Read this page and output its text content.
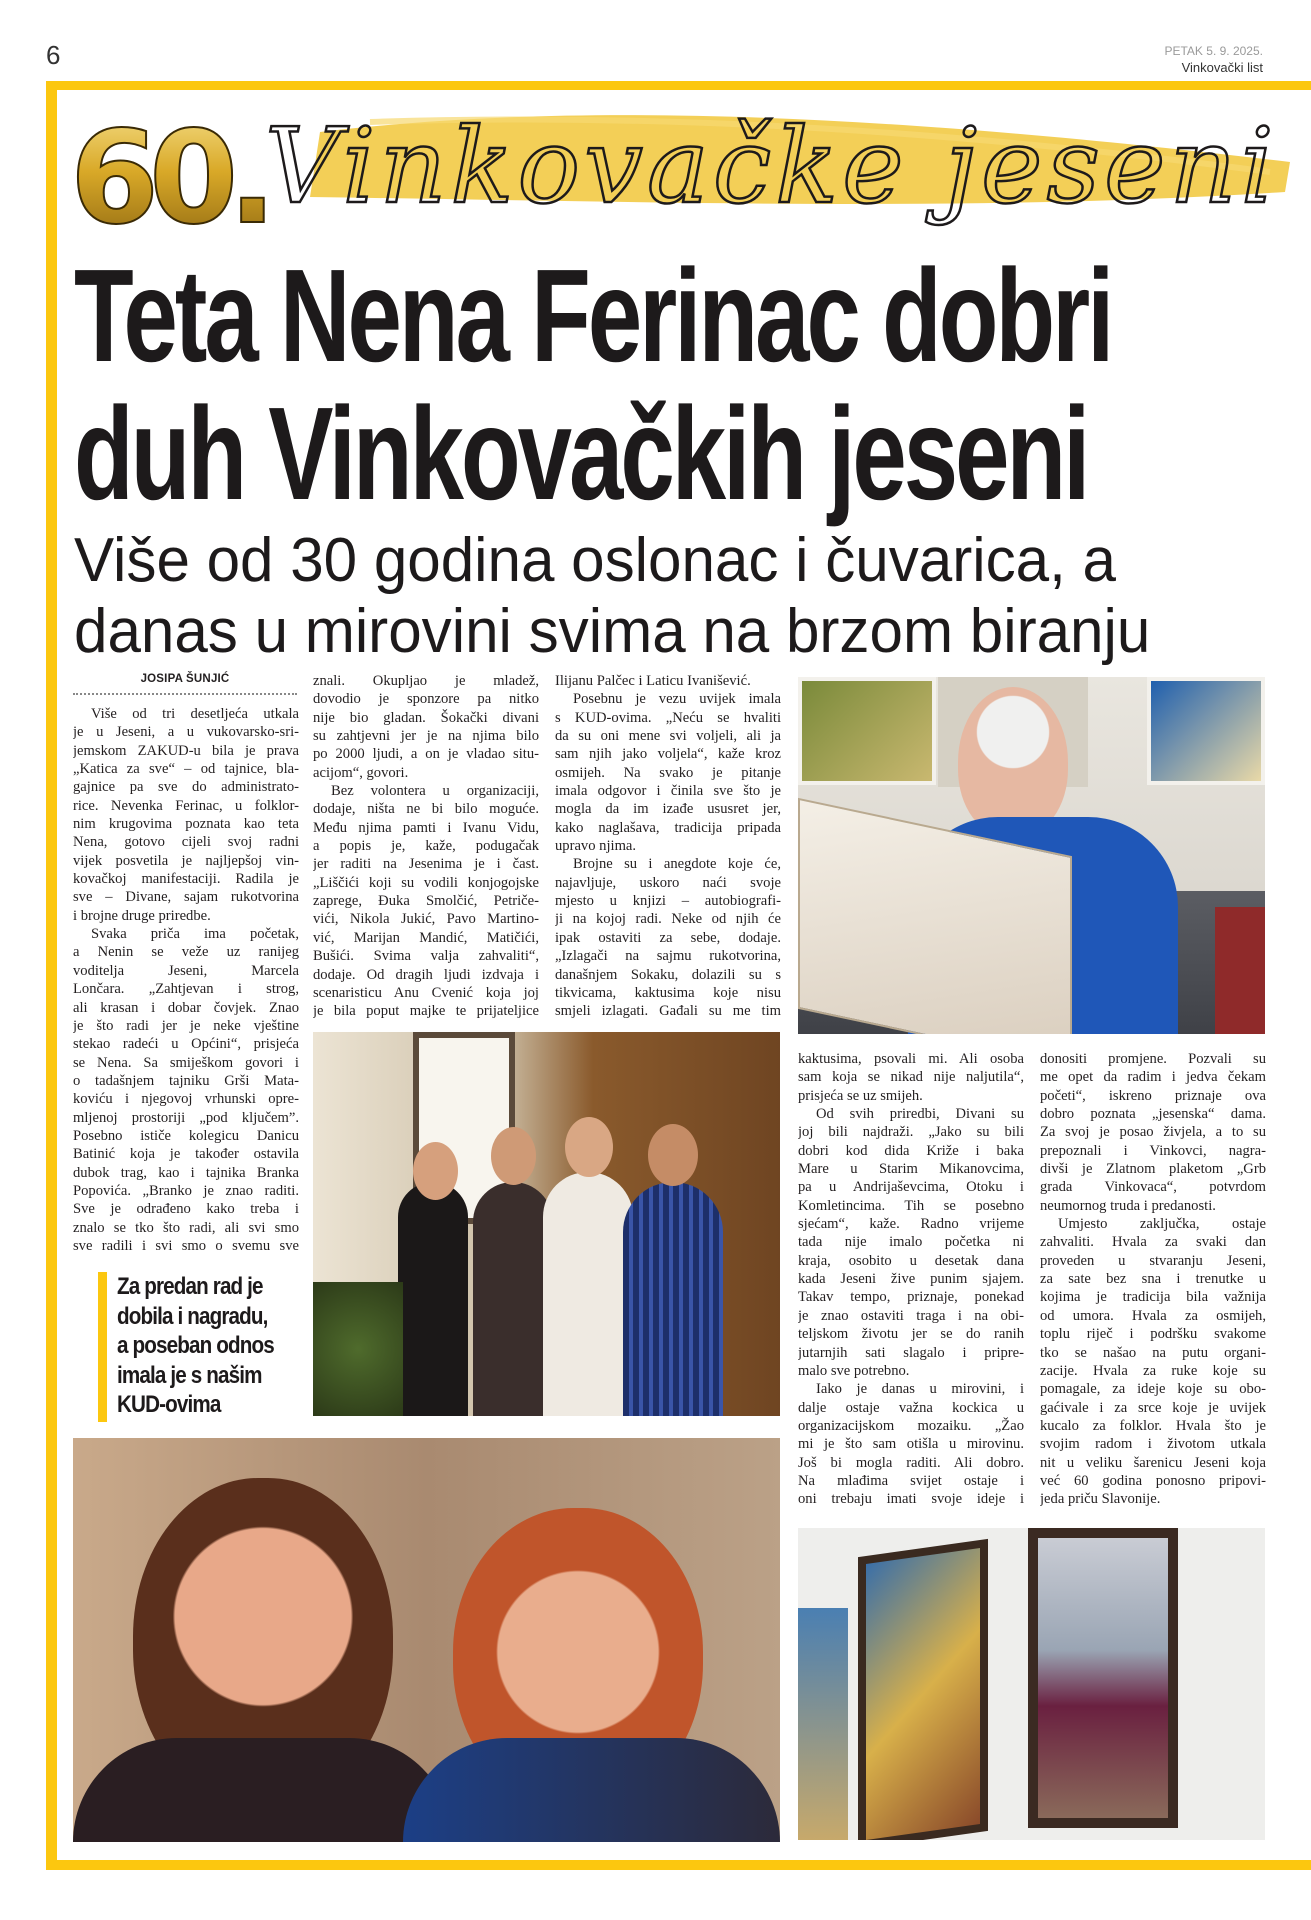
6	PETAK 5. 9. 2025.
Vinkovački list
60.
Vinkovačke jeseni
Teta Nena Ferinac dobri
duh Vinkovačkih jeseni
Više od 30 godina oslonac i čuvarica, a
danas u mirovini svima na brzom biranju
JOSIPA ŠUNJIĆ
Više od tri desetljeća utkala
je u Jeseni, a u vukovarsko-sri-
jemskom ZAKUD-u bila je prava
„Katica za sve“ – od tajnice, bla-
gajnice pa sve do administrato-
rice. Nevenka Ferinac, u folklor-
nim krugovima poznata kao teta
Nena, gotovo cijeli svoj radni
vijek posvetila je najljepšoj vin-
kovačkoj manifestaciji. Radila je
sve – Divane, sajam rukotvorina
i brojne druge priredbe.
Svaka priča ima početak,
a Nenin se veže uz ranijeg
voditelja Jeseni, Marcela
Lončara. „Zahtjevan i strog,
ali krasan i dobar čovjek. Znao
je što radi jer je neke vještine
stekao radeći u Općini“, prisjeća
se Nena. Sa smiješkom govori i
o tadašnjem tajniku Grši Mata-
koviću i njegovoj vrhunski opre-
mljenoj prostoriji „pod ključem”.
Posebno ističe kolegicu Danicu
Batinić koja je također ostavila
dubok trag, kao i tajnika Branka
Popovića. „Branko je znao raditi.
Sve je odrađeno kako treba i
znalo se tko što radi, ali svi smo
sve radili i svi smo o svemu sve
znali. Okupljao je mladež,
dovodio je sponzore pa nitko
nije bio gladan. Šokački divani
su zahtjevni jer je na njima bilo
po 2000 ljudi, a on je vladao situ-
acijom“, govori.
Bez volontera u organizaciji,
dodaje, ništa ne bi bilo moguće.
Među njima pamti i Ivanu Vidu,
a popis je, kaže, podugačak
jer raditi na Jesenima je i čast.
„Liščići koji su vodili konjogojske
zaprege, Đuka Smolčić, Petriče-
vići, Nikola Jukić, Pavo Martino-
vić, Marijan Mandić, Matičići,
Bušići. Svima valja zahvaliti“,
dodaje. Od dragih ljudi izdvaja i
scenaristicu Anu Cvenić koja joj
je bila poput majke te prijateljice
Ilijanu Palčec i Laticu Ivanišević.
Posebnu je vezu uvijek imala
s KUD-ovima. „Neću se hvaliti
da su oni mene svi voljeli, ali ja
sam njih jako voljela“, kaže kroz
osmijeh. Na svako je pitanje
imala odgovor i činila sve što je
mogla da im izađe ususret jer,
kako naglašava, tradicija pripada
upravo njima.
Brojne su i anegdote koje će,
najavljuje, uskoro naći svoje
mjesto u knjizi – autobiografi-
ji na kojoj radi. Neke od njih će
ipak ostaviti za sebe, dodaje.
„Izlagači na sajmu rukotvorina,
današnjem Sokaku, dolazili su s
tikvicama, kaktusima koje nisu
smjeli izlagati. Gađali su me tim
kaktusima, psovali mi. Ali osoba
sam koja se nikad nije naljutila“,
prisjeća se uz smijeh.
Od svih priredbi, Divani su
joj bili najdraži. „Jako su bili
dobri kod dida Križe i baka
Mare u Starim Mikanovcima,
pa u Andrijaševcima, Otoku i
Komletincima. Tih se posebno
sjećam“, kaže. Radno vrijeme
tada nije imalo početka ni
kraja, osobito u desetak dana
kada Jeseni žive punim sjajem.
Takav tempo, priznaje, ponekad
je znao ostaviti traga i na obi-
teljskom životu jer se do ranih
jutarnjih sati slagalo i pripre-
malo sve potrebno.
Iako je danas u mirovini, i
dalje ostaje važna kockica u
organizacijskom mozaiku. „Žao
mi je što sam otišla u mirovinu.
Još bi mogla raditi. Ali dobro.
Na mlađima svijet ostaje i
oni trebaju imati svoje ideje i
donositi promjene. Pozvali su
me opet da radim i jedva čekam
početi“, iskreno priznaje ova
dobro poznata „jesenska“ dama.
Za svoj je posao živjela, a to su
prepoznali i Vinkovci, nagra-
divši je Zlatnom plaketom „Grb
grada Vinkovaca“, potvrdom
neumornog truda i predanosti.
Umjesto zaključka, ostaje
zahvaliti. Hvala za svaki dan
proveden u stvaranju Jeseni,
za sate bez sna i trenutke u
kojima je tradicija bila važnija
od umora. Hvala za osmijeh,
toplu riječ i podršku svakome
tko se našao na putu organi-
zacije. Hvala za ruke koje su
pomagale, za ideje koje su obo-
gaćivale i za srce koje je uvijek
kucalo za folklor. Hvala što je
svojim radom i životom utkala
nit u veliku šarenicu Jeseni koja
već 60 godina ponosno pripovi-
jeda priču Slavonije.
Za predan rad je
dobila i nagradu,
a poseban odnos
imala je s našim
KUD-ovima
